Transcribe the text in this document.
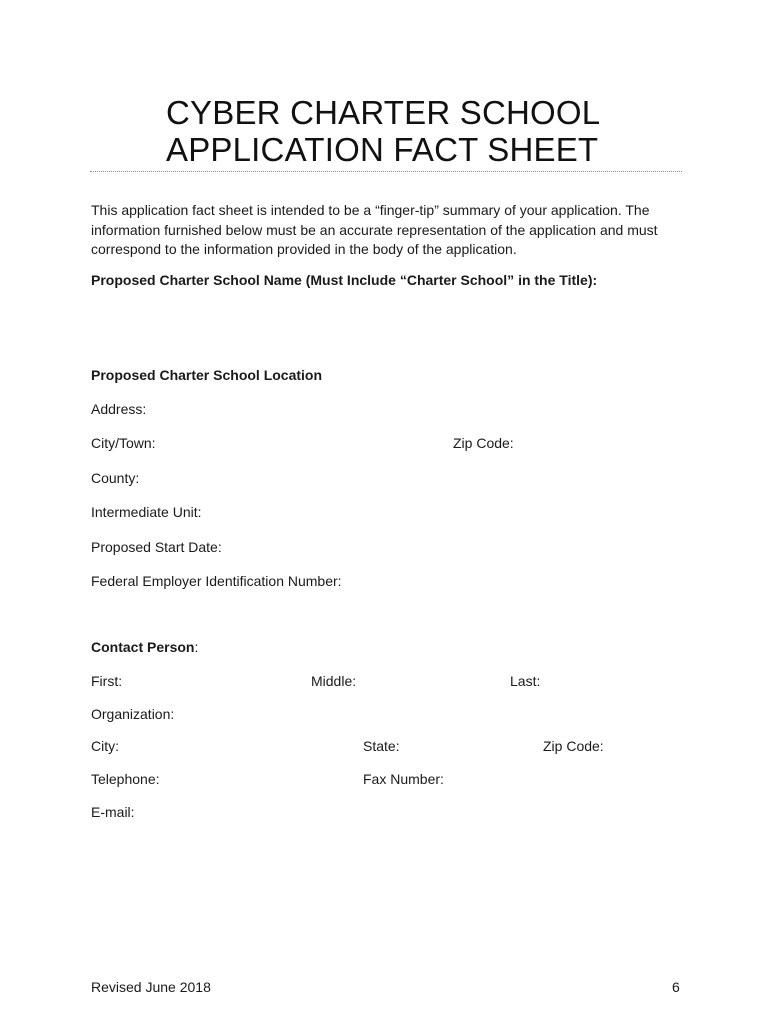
CYBER CHARTER SCHOOL
APPLICATION FACT SHEET
This application fact sheet is intended to be a “finger-tip” summary of your application. The information furnished below must be an accurate representation of the application and must correspond to the information provided in the body of the application.
Proposed Charter School Name (Must Include “Charter School” in the Title):
Proposed Charter School Location
Address:
City/Town:	Zip Code:
County:
Intermediate Unit:
Proposed Start Date:
Federal Employer Identification Number:
Contact Person:
First:	Middle:	Last:
Organization:
City:	State:	Zip Code:
Telephone:	Fax Number:
E-mail:
Revised June 2018	6
